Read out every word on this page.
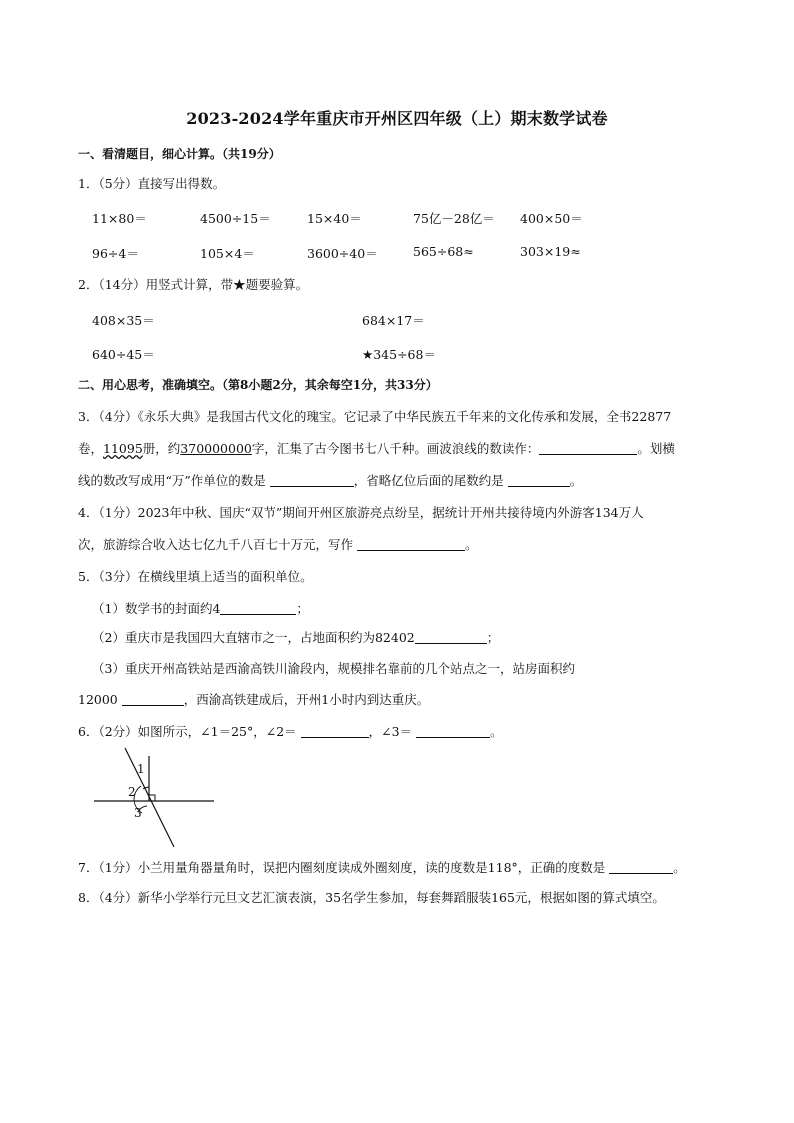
2023-2024学年重庆市开州区四年级（上）期末数学试卷
一、看清题目，细心计算。（共19分）
1．（5分）直接写出得数。
11×80＝	4500÷15＝	15×40＝	75亿－28亿＝ 400×50＝
96÷4＝	105×4＝	3600÷40＝	565÷68≈	303×19≈
2．（14分）用竖式计算，带★题要验算。
408×35＝	684×17＝
640÷45＝	★345÷68＝
二、用心思考，准确填空。（第8小题2分，其余每空1分，共33分）
3．（4分）《永乐大典》是我国古代文化的瑰宝。它记录了中华民族五千年来的文化传承和发展，全书22877
卷，11095册，约370000000字，汇集了古今图书七八千种。画波浪线的数读作：	。划横
线的数改写成用“万”作单位的数是	，省略亿位后面的尾数约是	。
4．（1分）2023年中秋、国庆“双节”期间开州区旅游亮点纷呈，据统计开州共接待境内外游客134万人
次，旅游综合收入达七亿九千八百七十万元，写作	。
5．（3分）在横线里填上适当的面积单位。
（1）数学书的封面约4	；
（2）重庆市是我国四大直辖市之一，占地面积约为82402	；
（3）重庆开州高铁站是西渝高铁川渝段内，规模排名靠前的几个站点之一，站房面积约
12000	，西渝高铁建成后，开州1小时内到达重庆。
6．（2分）如图所示，∠1＝25°，∠2＝	，∠3＝	。
1
2
3
7．（1分）小兰用量角器量角时，误把内圈刻度读成外圈刻度，读的度数是118°，正确的度数是	。
8．（4分）新华小学举行元旦文艺汇演表演，35名学生参加，每套舞蹈服装165元，根据如图的算式填空。
